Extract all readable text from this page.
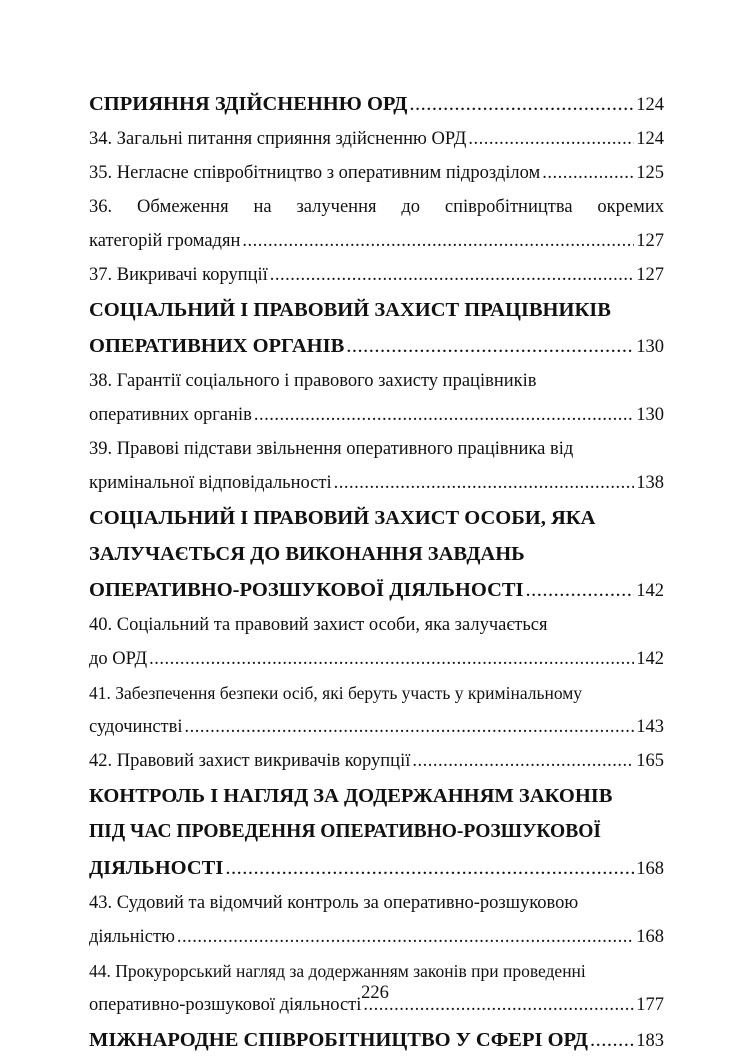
СПРИЯННЯ ЗДІЙСНЕННЮ ОРД .....	124
34. Загальні питання сприяння здійсненню ОРД .....	124
35. Негласне співробітництво з оперативним підрозділом .....	125
36. Обмеження на залучення до співробітництва окремих
категорій громадян .....	127
37. Викривачі корупції .....	127
СОЦІАЛЬНИЙ І ПРАВОВИЙ ЗАХИСТ ПРАЦІВНИКІВ
ОПЕРАТИВНИХ ОРГАНІВ .....	130
38. Гарантії соціального і правового захисту працівників
оперативних органів .....	130
39. Правові підстави звільнення оперативного працівника від
кримінальної відповідальності .....	138
СОЦІАЛЬНИЙ І ПРАВОВИЙ ЗАХИСТ ОСОБИ, ЯКА
ЗАЛУЧАЄТЬСЯ ДО ВИКОНАННЯ ЗАВДАНЬ
ОПЕРАТИВНО-РОЗШУКОВОЇ ДІЯЛЬНОСТІ .....	142
40. Соціальний та правовий захист особи, яка залучається
до ОРД .....	142
41. Забезпечення безпеки осіб, які беруть участь у кримінальному
судочинстві .....	143
42. Правовий захист викривачів корупції .....	165
КОНТРОЛЬ І НАГЛЯД ЗА ДОДЕРЖАННЯМ ЗАКОНІВ
ПІД ЧАС ПРОВЕДЕННЯ ОПЕРАТИВНО-РОЗШУКОВОЇ
ДІЯЛЬНОСТІ .....	168
43. Судовий та відомчий контроль за оперативно-розшуковою
діяльністю .....	168
44. Прокурорський нагляд за додержанням законів при проведенні
оперативно-розшукової діяльності .....	177
МІЖНАРОДНЕ СПІВРОБІТНИЦТВО У СФЕРІ ОРД .....	183
226
